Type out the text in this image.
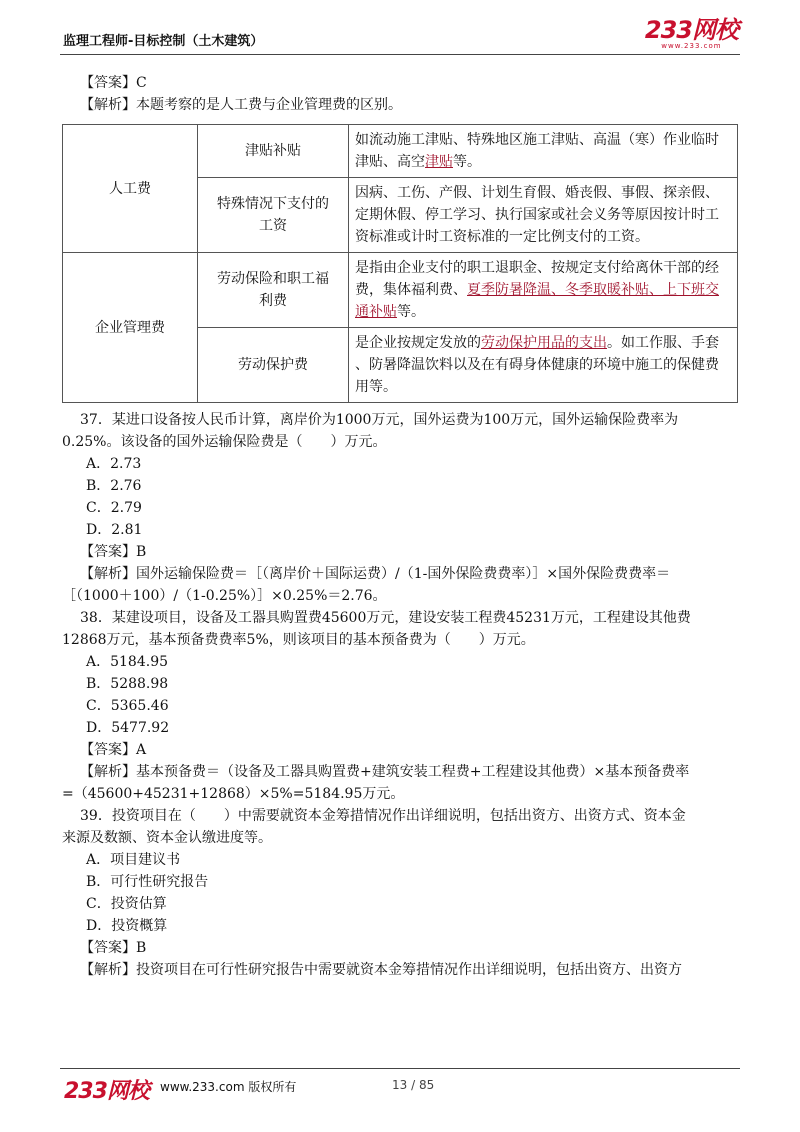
监理工程师-目标控制（土木建筑）	233网校
www.233.com
【答案】C
【解析】本题考察的是人工费与企业管理费的区别。
人工费	津贴补贴	如流动施工津贴、特殊地区施工津贴、高温（寒）作业临时
津贴、高空津贴等。
	特殊情况下支付的
工资	因病、工伤、产假、计划生育假、婚丧假、事假、探亲假、
定期休假、停工学习、执行国家或社会义务等原因按计时工
资标准或计时工资标准的一定比例支付的工资。
企业管理费	劳动保险和职工福
利费	是指由企业支付的职工退职金、按规定支付给离休干部的经
费，集体福利费、夏季防暑降温、冬季取暖补贴、上下班交
通补贴等。
	劳动保护费	是企业按规定发放的劳动保护用品的支出。如工作服、手套
、防暑降温饮料以及在有碍身体健康的环境中施工的保健费
用等。
37．某进口设备按人民币计算，离岸价为1000万元，国外运费为100万元，国外运输保险费率为
0.25%。该设备的国外运输保险费是（　　）万元。
A．2.73
B．2.76
C．2.79
D．2.81
【答案】B
【解析】国外运输保险费＝［（离岸价＋国际运费）/（1-国外保险费费率）］×国外保险费费率＝
［（1000＋100）/（1-0.25%）］×0.25%＝2.76。
38．某建设项目，设备及工器具购置费45600万元，建设安装工程费45231万元，工程建设其他费
12868万元，基本预备费费率5%，则该项目的基本预备费为（　　）万元。
A．5184.95
B．5288.98
C．5365.46
D．5477.92
【答案】A
【解析】基本预备费＝（设备及工器具购置费+建筑安装工程费+工程建设其他费）×基本预备费率
=（45600+45231+12868）×5%=5184.95万元。
39．投资项目在（　　）中需要就资本金筹措情况作出详细说明，包括出资方、出资方式、资本金
来源及数额、资本金认缴进度等。
A．项目建议书
B．可行性研究报告
C．投资估算
D．投资概算
【答案】B
【解析】投资项目在可行性研究报告中需要就资本金筹措情况作出详细说明，包括出资方、出资方
233网校 www.233.com 版权所有	13 / 85
